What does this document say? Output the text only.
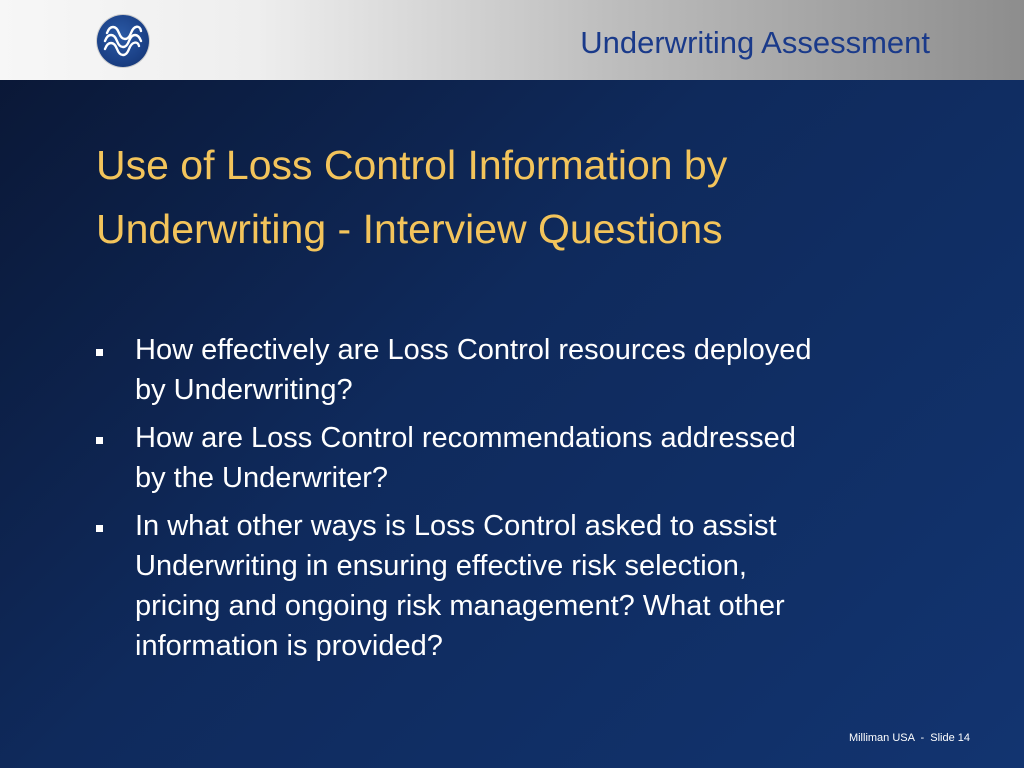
Underwriting Assessment
Use of Loss Control Information by
Underwriting - Interview Questions
How effectively are Loss Control resources deployed
by Underwriting?
How are Loss Control recommendations addressed
by the Underwriter?
In what other ways is Loss Control asked to assist
Underwriting in ensuring effective risk selection,
pricing and ongoing risk management? What other
information is provided?
Milliman USA  -  Slide 14
